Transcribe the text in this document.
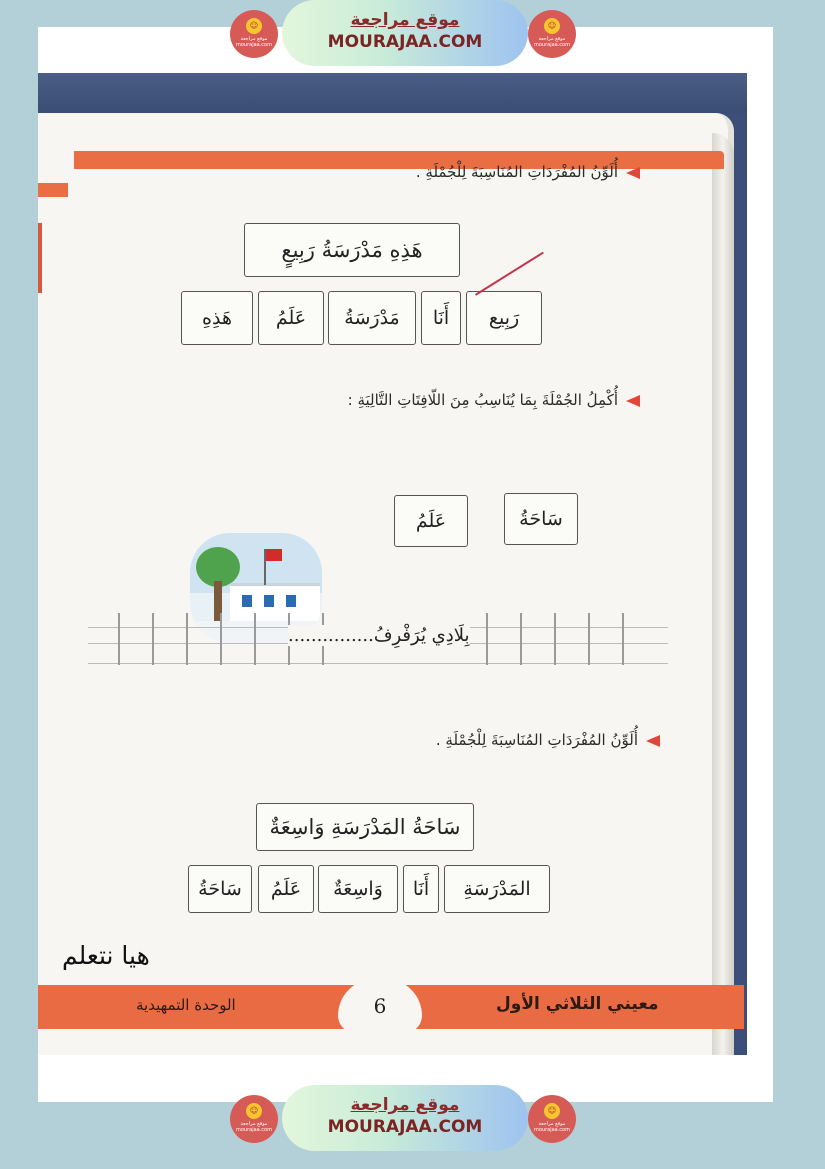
☺
موقع مراجعة mourajaa.com
موقع مراجعة
MOURAJAA.COM
☺
موقع مراجعة mourajaa.com
أُلَوِّنُ المُفْرَدَاتِ المُنَاسِبَةَ لِلْجُمْلَةِ .
هَذِهِ مَدْرَسَةُ رَبِيعٍ
رَبِيع
أَنَا
مَدْرَسَةُ
عَلَمُ
هَذِهِ
أُكْمِلُ الجُمْلَةَ بِمَا يُنَاسِبُ مِنَ اللّافِتَاتِ التَّالِيَةِ :
سَاحَةُ
عَلَمُ
بِلَادِي يُرَفْرِفُ...............
أُلَوِّنُ المُفْرَدَاتِ المُنَاسِبَةَ لِلْجُمْلَةِ .
سَاحَةُ المَدْرَسَةِ وَاسِعَةٌ
المَدْرَسَةِ
أَنَا
وَاسِعَةٌ
عَلَمُ
سَاحَةُ
هيا نتعلم
6
الوحدة التمهيدية	معيني الثلاثي الأول
☺
موقع مراجعة mourajaa.com
موقع مراجعة
MOURAJAA.COM
☺
موقع مراجعة mourajaa.com
